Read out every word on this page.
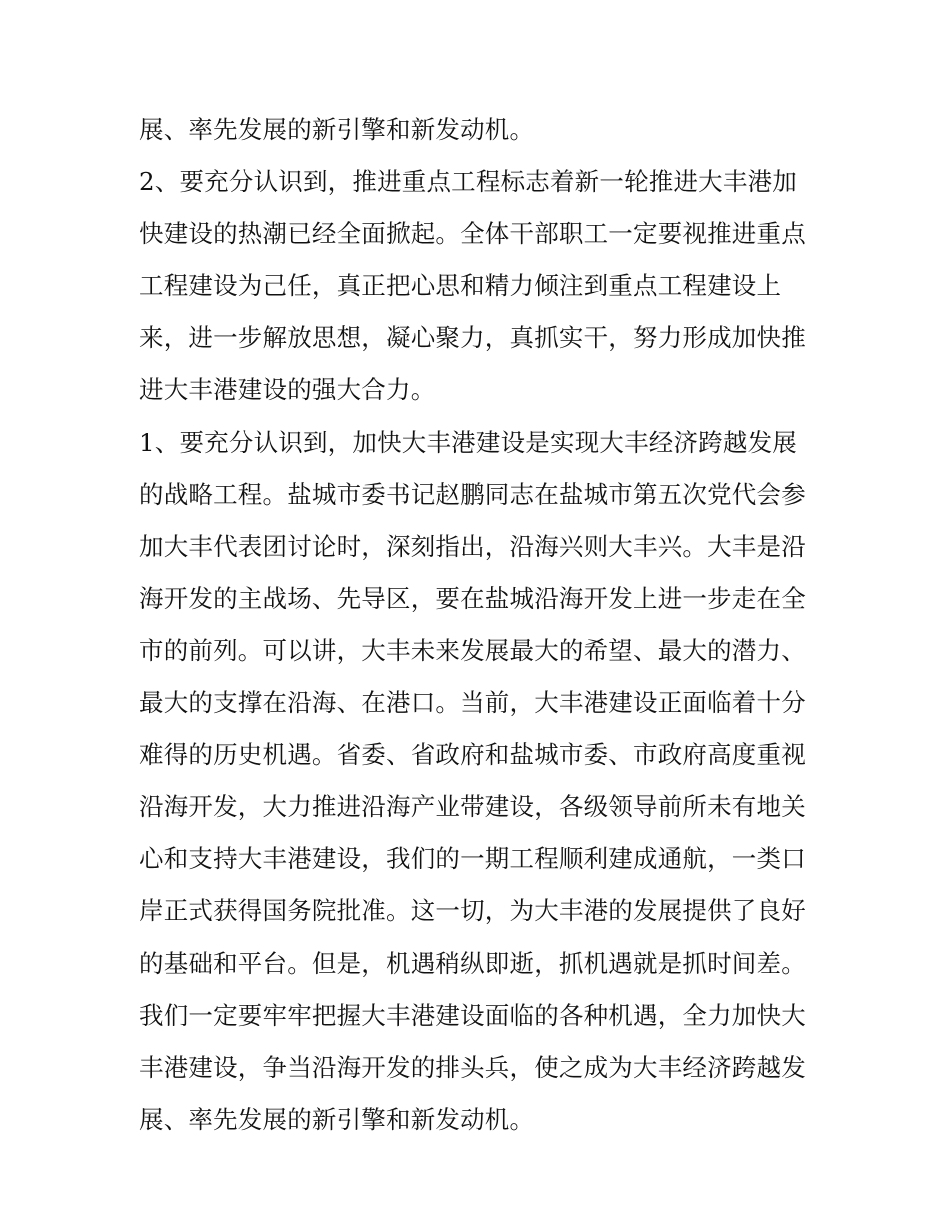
展、率先发展的新引擎和新发动机。
2、要充分认识到，推进重点工程标志着新一轮推进大丰港加
快建设的热潮已经全面掀起。全体干部职工一定要视推进重点
工程建设为己任，真正把心思和精力倾注到重点工程建设上
来，进一步解放思想，凝心聚力，真抓实干，努力形成加快推
进大丰港建设的强大合力。
1、要充分认识到，加快大丰港建设是实现大丰经济跨越发展
的战略工程。盐城市委书记赵鹏同志在盐城市第五次党代会参
加大丰代表团讨论时，深刻指出，沿海兴则大丰兴。大丰是沿
海开发的主战场、先导区，要在盐城沿海开发上进一步走在全
市的前列。可以讲，大丰未来发展最大的希望、最大的潜力、
最大的支撑在沿海、在港口。当前，大丰港建设正面临着十分
难得的历史机遇。省委、省政府和盐城市委、市政府高度重视
沿海开发，大力推进沿海产业带建设，各级领导前所未有地关
心和支持大丰港建设，我们的一期工程顺利建成通航，一类口
岸正式获得国务院批准。这一切，为大丰港的发展提供了良好
的基础和平台。但是，机遇稍纵即逝，抓机遇就是抓时间差。
我们一定要牢牢把握大丰港建设面临的各种机遇，全力加快大
丰港建设，争当沿海开发的排头兵，使之成为大丰经济跨越发
展、率先发展的新引擎和新发动机。
